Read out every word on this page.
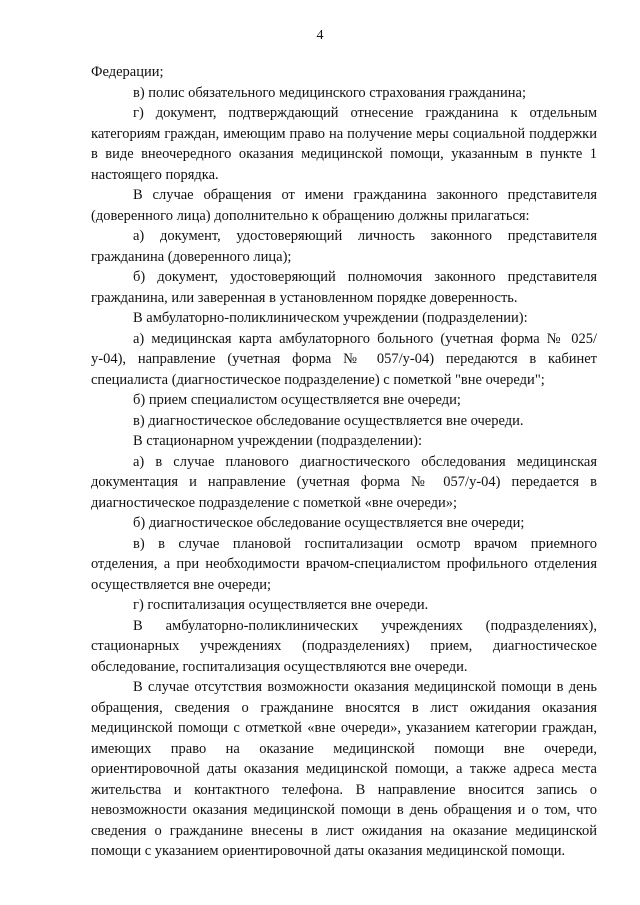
4

Федерации;

в) полис обязательного медицинского страхования гражданина;

г) документ, подтверждающий отнесение гражданина к отдельным категориям граждан, имеющим право на получение меры социальной поддержки в виде внеочередного оказания медицинской помощи, указанным в пункте 1 настоящего порядка.

В случае обращения от имени гражданина законного представителя (доверенного лица) дополнительно к обращению должны прилагаться:

а) документ, удостоверяющий личность законного представителя гражданина (доверенного лица);

б) документ, удостоверяющий полномочия законного представителя гражданина, или заверенная в установленном порядке доверенность.

В амбулаторно-поликлиническом учреждении (подразделении):

а) медицинская карта амбулаторного больного (учетная форма № 025/у-04), направление (учетная форма № 057/у-04) передаются в кабинет специалиста (диагностическое подразделение) с пометкой "вне очереди";

б) прием специалистом осуществляется вне очереди;

в) диагностическое обследование осуществляется вне очереди.

В стационарном учреждении (подразделении):

а) в случае планового диагностического обследования медицинская документация и направление (учетная форма № 057/у-04) передается в диагностическое подразделение с пометкой «вне очереди»;

б) диагностическое обследование осуществляется вне очереди;

в) в случае плановой госпитализации осмотр врачом приемного отделения, а при необходимости врачом-специалистом профильного отделения осуществляется вне очереди;

г) госпитализация осуществляется вне очереди.

В амбулаторно-поликлинических учреждениях (подразделениях), стационарных учреждениях (подразделениях) прием, диагностическое обследование, госпитализация осуществляются вне очереди.

В случае отсутствия возможности оказания медицинской помощи в день обращения, сведения о гражданине вносятся в лист ожидания оказания медицинской помощи с отметкой «вне очереди», указанием категории граждан, имеющих право на оказание медицинской помощи вне очереди, ориентировочной даты оказания медицинской помощи, а также адреса места жительства и контактного телефона. В направление вносится запись о невозможности оказания медицинской помощи в день обращения и о том, что сведения о гражданине внесены в лист ожидания на оказание медицинской помощи с указанием ориентировочной даты оказания медицинской помощи.
